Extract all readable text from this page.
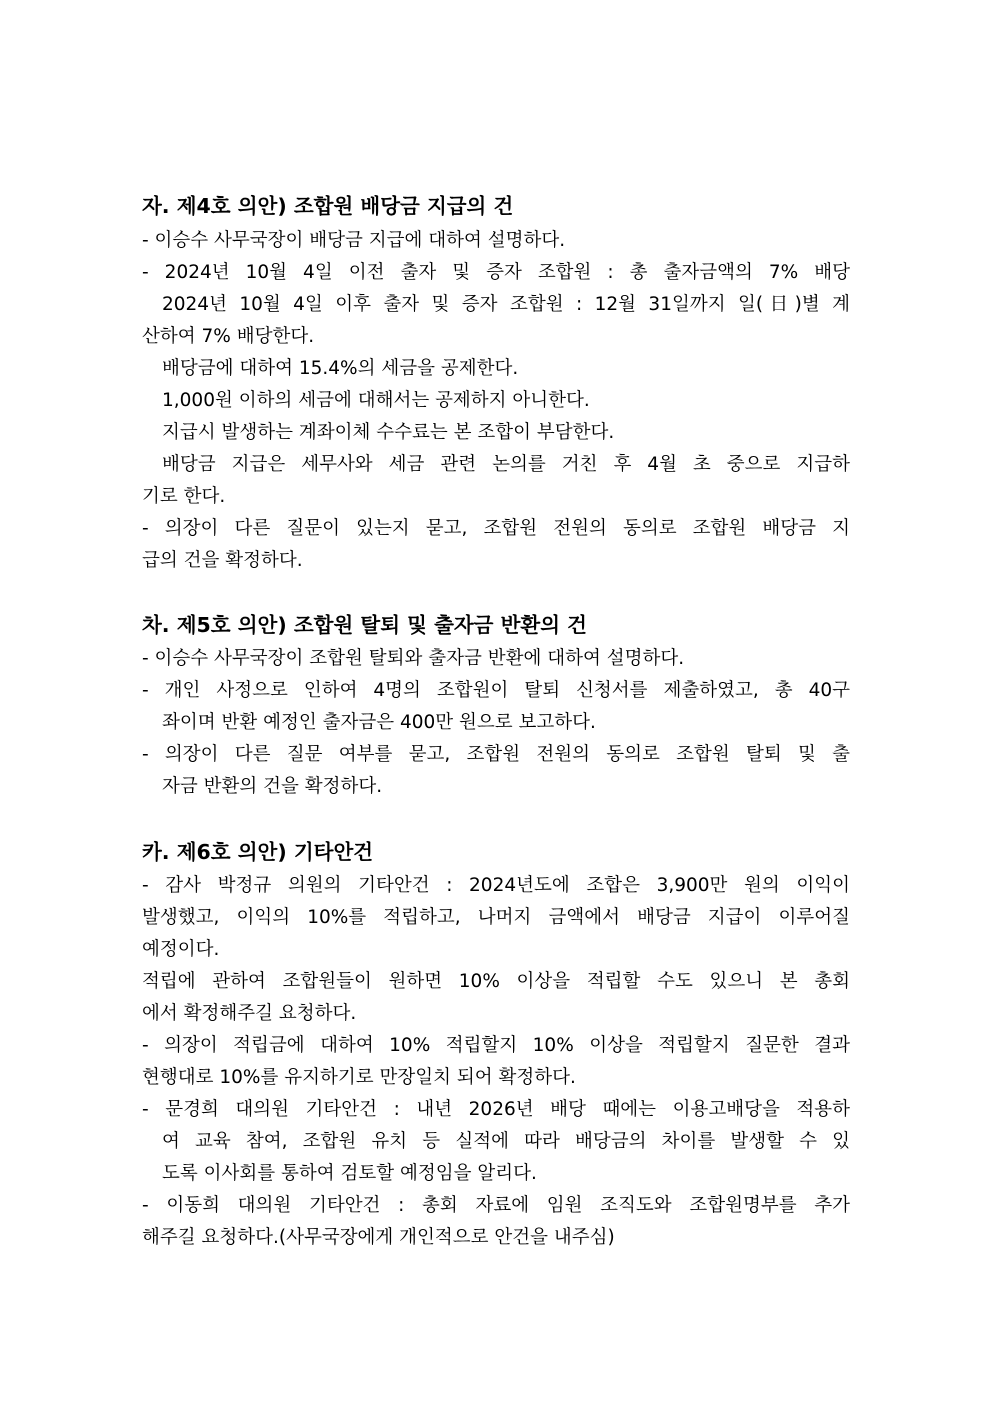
자. 제4호 의안) 조합원 배당금 지급의 건
- 이승수 사무국장이 배당금 지급에 대하여 설명하다.
- 2024년 10월 4일 이전 출자 및 증자 조합원 : 총 출자금액의 7% 배당
2024년 10월 4일 이후 출자 및 증자 조합원 : 12월 31일까지 일(日)별 계
산하여 7% 배당한다.
배당금에 대하여 15.4%의 세금을 공제한다.
1,000원 이하의 세금에 대해서는 공제하지 아니한다.
지급시 발생하는 계좌이체 수수료는 본 조합이 부담한다.
배당금 지급은 세무사와 세금 관련 논의를 거친 후 4월 초 중으로 지급하
기로 한다.
- 의장이 다른 질문이 있는지 묻고, 조합원 전원의 동의로 조합원 배당금 지
급의 건을 확정하다.
차. 제5호 의안) 조합원 탈퇴 및 출자금 반환의 건
- 이승수 사무국장이 조합원 탈퇴와 출자금 반환에 대하여 설명하다.
- 개인 사정으로 인하여 4명의 조합원이 탈퇴 신청서를 제출하였고, 총 40구
좌이며 반환 예정인 출자금은 400만 원으로 보고하다.
- 의장이 다른 질문 여부를 묻고, 조합원 전원의 동의로 조합원 탈퇴 및 출
자금 반환의 건을 확정하다.
카. 제6호 의안) 기타안건
- 감사 박정규 의원의 기타안건 : 2024년도에 조합은 3,900만 원의 이익이
발생했고, 이익의 10%를 적립하고, 나머지 금액에서 배당금 지급이 이루어질
예정이다.
적립에 관하여 조합원들이 원하면 10% 이상을 적립할 수도 있으니 본 총회
에서 확정해주길 요청하다.
- 의장이 적립금에 대하여 10% 적립할지 10% 이상을 적립할지 질문한 결과
현행대로 10%를 유지하기로 만장일치 되어 확정하다.
- 문경희 대의원 기타안건 : 내년 2026년 배당 때에는 이용고배당을 적용하
여 교육 참여, 조합원 유치 등 실적에 따라 배당금의 차이를 발생할 수 있
도록 이사회를 통하여 검토할 예정임을 알리다.
- 이동희 대의원 기타안건 : 총회 자료에 임원 조직도와 조합원명부를 추가
해주길 요청하다.(사무국장에게 개인적으로 안건을 내주심)
